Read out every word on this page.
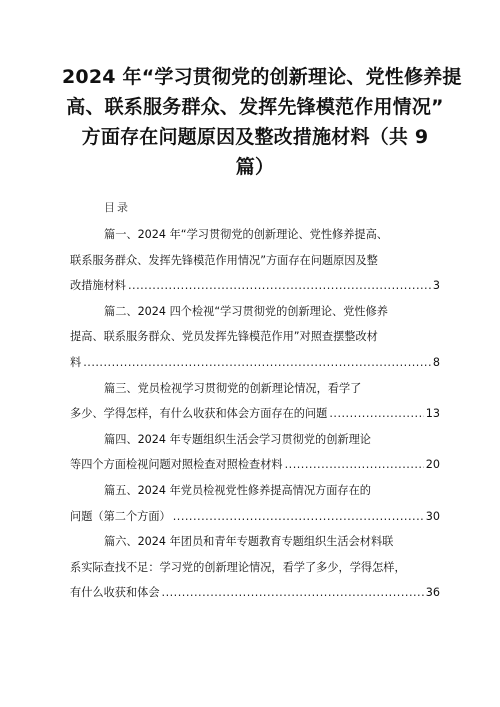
2024 年“学习贯彻党的创新理论、党性修养提
高、联系服务群众、发挥先锋模范作用情况”
方面存在问题原因及整改措施材料（共 9
篇）
目录
篇一、2024 年“学习贯彻党的创新理论、党性修养提高、
联系服务群众、发挥先锋模范作用情况”方面存在问题原因及整
改措施材料 .....	3
篇二、2024 四个检视“学习贯彻党的创新理论、党性修养
提高、联系服务群众、党员发挥先锋模范作用”对照查摆整改材
料 .....	8
篇三、党员检视学习贯彻党的创新理论情况，看学了
多少、学得怎样，有什么收获和体会方面存在的问题 .....	13
篇四、2024 年专题组织生活会学习贯彻党的创新理论
等四个方面检视问题对照检查对照检查材料 .....	20
篇五、2024 年党员检视党性修养提高情况方面存在的
问题（第二个方面） .....	30
篇六、2024 年团员和青年专题教育专题组织生活会材料联
系实际查找不足：学习党的创新理论情况，看学了多少，学得怎样，
有什么收获和体会 .....	36
